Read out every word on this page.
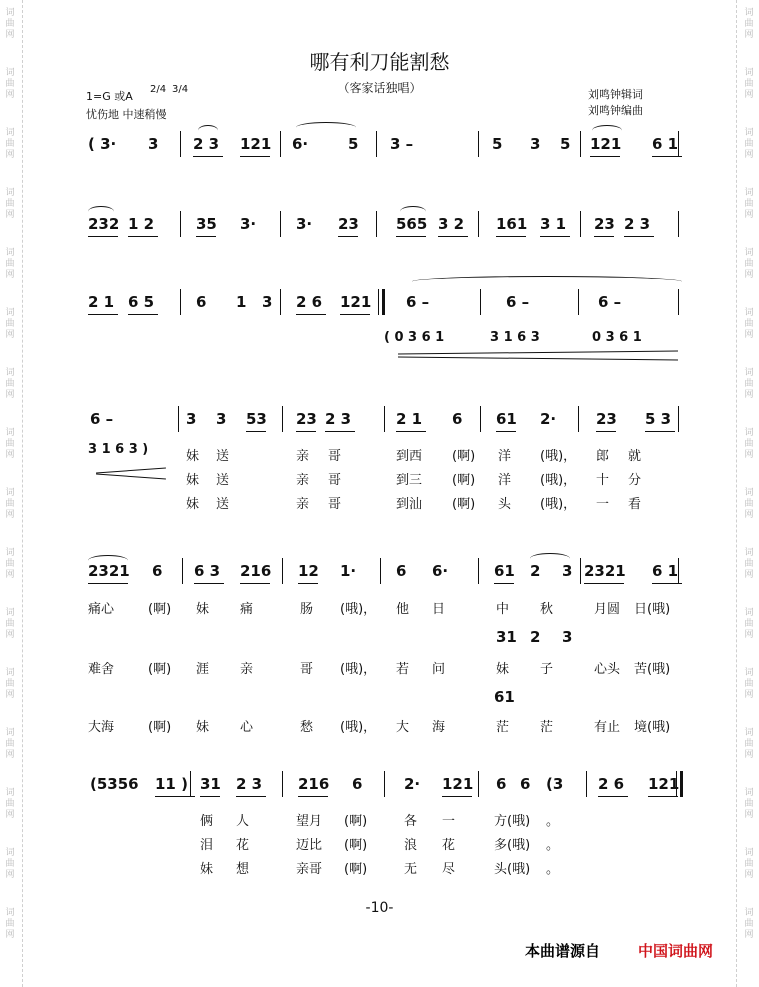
词
曲
网
词
曲
网
词
曲
网
词
曲
网
词
曲
网
词
曲
网
词
曲
网
词
曲
网
词
曲
网
词
曲
网
词
曲
网
词
曲
网
词
曲
网
词
曲
网
词
曲
网
词
曲
网
词
曲
网
词
曲
网
词
曲
网
词
曲
网
词
曲
网
词
曲
网
词
曲
网
词
曲
网
词
曲
网
词
曲
网
词
曲
网
词
曲
网
词
曲
网
词
曲
网
词
曲
网
词
曲
网
哪有利刀能割愁
（客家话独唱）
1=G 或A
2/4 3/4
忧伤地 中速稍慢
刘鸣钟辑词
刘鸣钟编曲
( 3· 3 2 3 121 6·	5 3 –	5 3 5 121 6 1
232 1 2	35 3·	3· 23 565 3 2 161 3 1 23 2 3
2 1 6 5	6 1 3 2 6 121 6 –	6 –	6 –
6 –	3 3 53 23 2 3	2 1 6 61 2·	23 5 3
2321 6 6 3 216 12 1·	6 6·	61 2 3 2321 6 1
(5356 11 ) 31 2 3 216 6	2· 121 6 6 (3 2 6 121
( 0 3 6 1	3 1 6 3	0 3 6 1
3 1 6 3 )
31 2 3
61
妹 送	亲 哥	到西 (啊) 洋 (哦)， 郎 就
妹 送	亲 哥	到三 (啊) 洋 (哦)， 十 分
妹 送	亲 哥	到汕 (啊) 头 (哦)， 一 看
痛心	(啊) 妹 痛	肠 (哦)， 他 日	中 秋	月圆 日(哦)
难舍	(啊) 涯 亲	哥 (哦)， 若 问	妹 子	心头 苦(哦)
大海	(啊) 妹 心	愁 (哦)， 大 海	茫 茫	有止 境(哦)
俩 人	望月 (啊)	各 一	方(哦) 。
泪 花	迈比 (啊)	浪 花	多(哦) 。
妹 想	亲哥 (啊)	无 尽	头(哦) 。
-10-
本曲谱源自	中国词曲网
